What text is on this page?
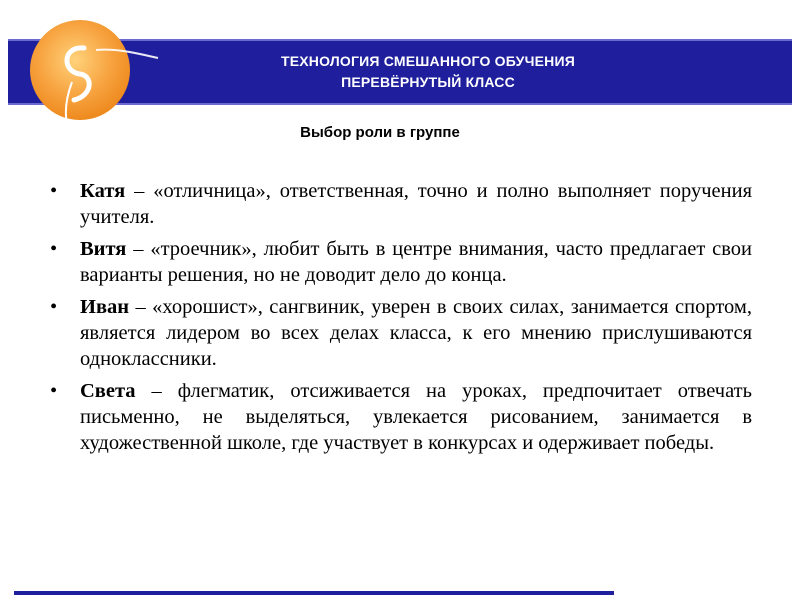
ТЕХНОЛОГИЯ СМЕШАННОГО ОБУЧЕНИЯ
ПЕРЕВЁРНУТЫЙ КЛАСС
Выбор роли в группе
• Катя – «отличница», ответственная, точно и полно выполняет поручения учителя.
• Витя – «троечник», любит быть в центре внимания, часто предлагает свои варианты решения, но не доводит дело до конца.
• Иван – «хорошист», сангвиник, уверен в своих силах, занимается спортом, является лидером во всех делах класса, к его мнению прислушиваются одноклассники.
• Света – флегматик, отсиживается на уроках, предпочитает отвечать письменно, не выделяться, увлекается рисованием, занимается в художественной школе, где участвует в конкурсах и одерживает победы.
